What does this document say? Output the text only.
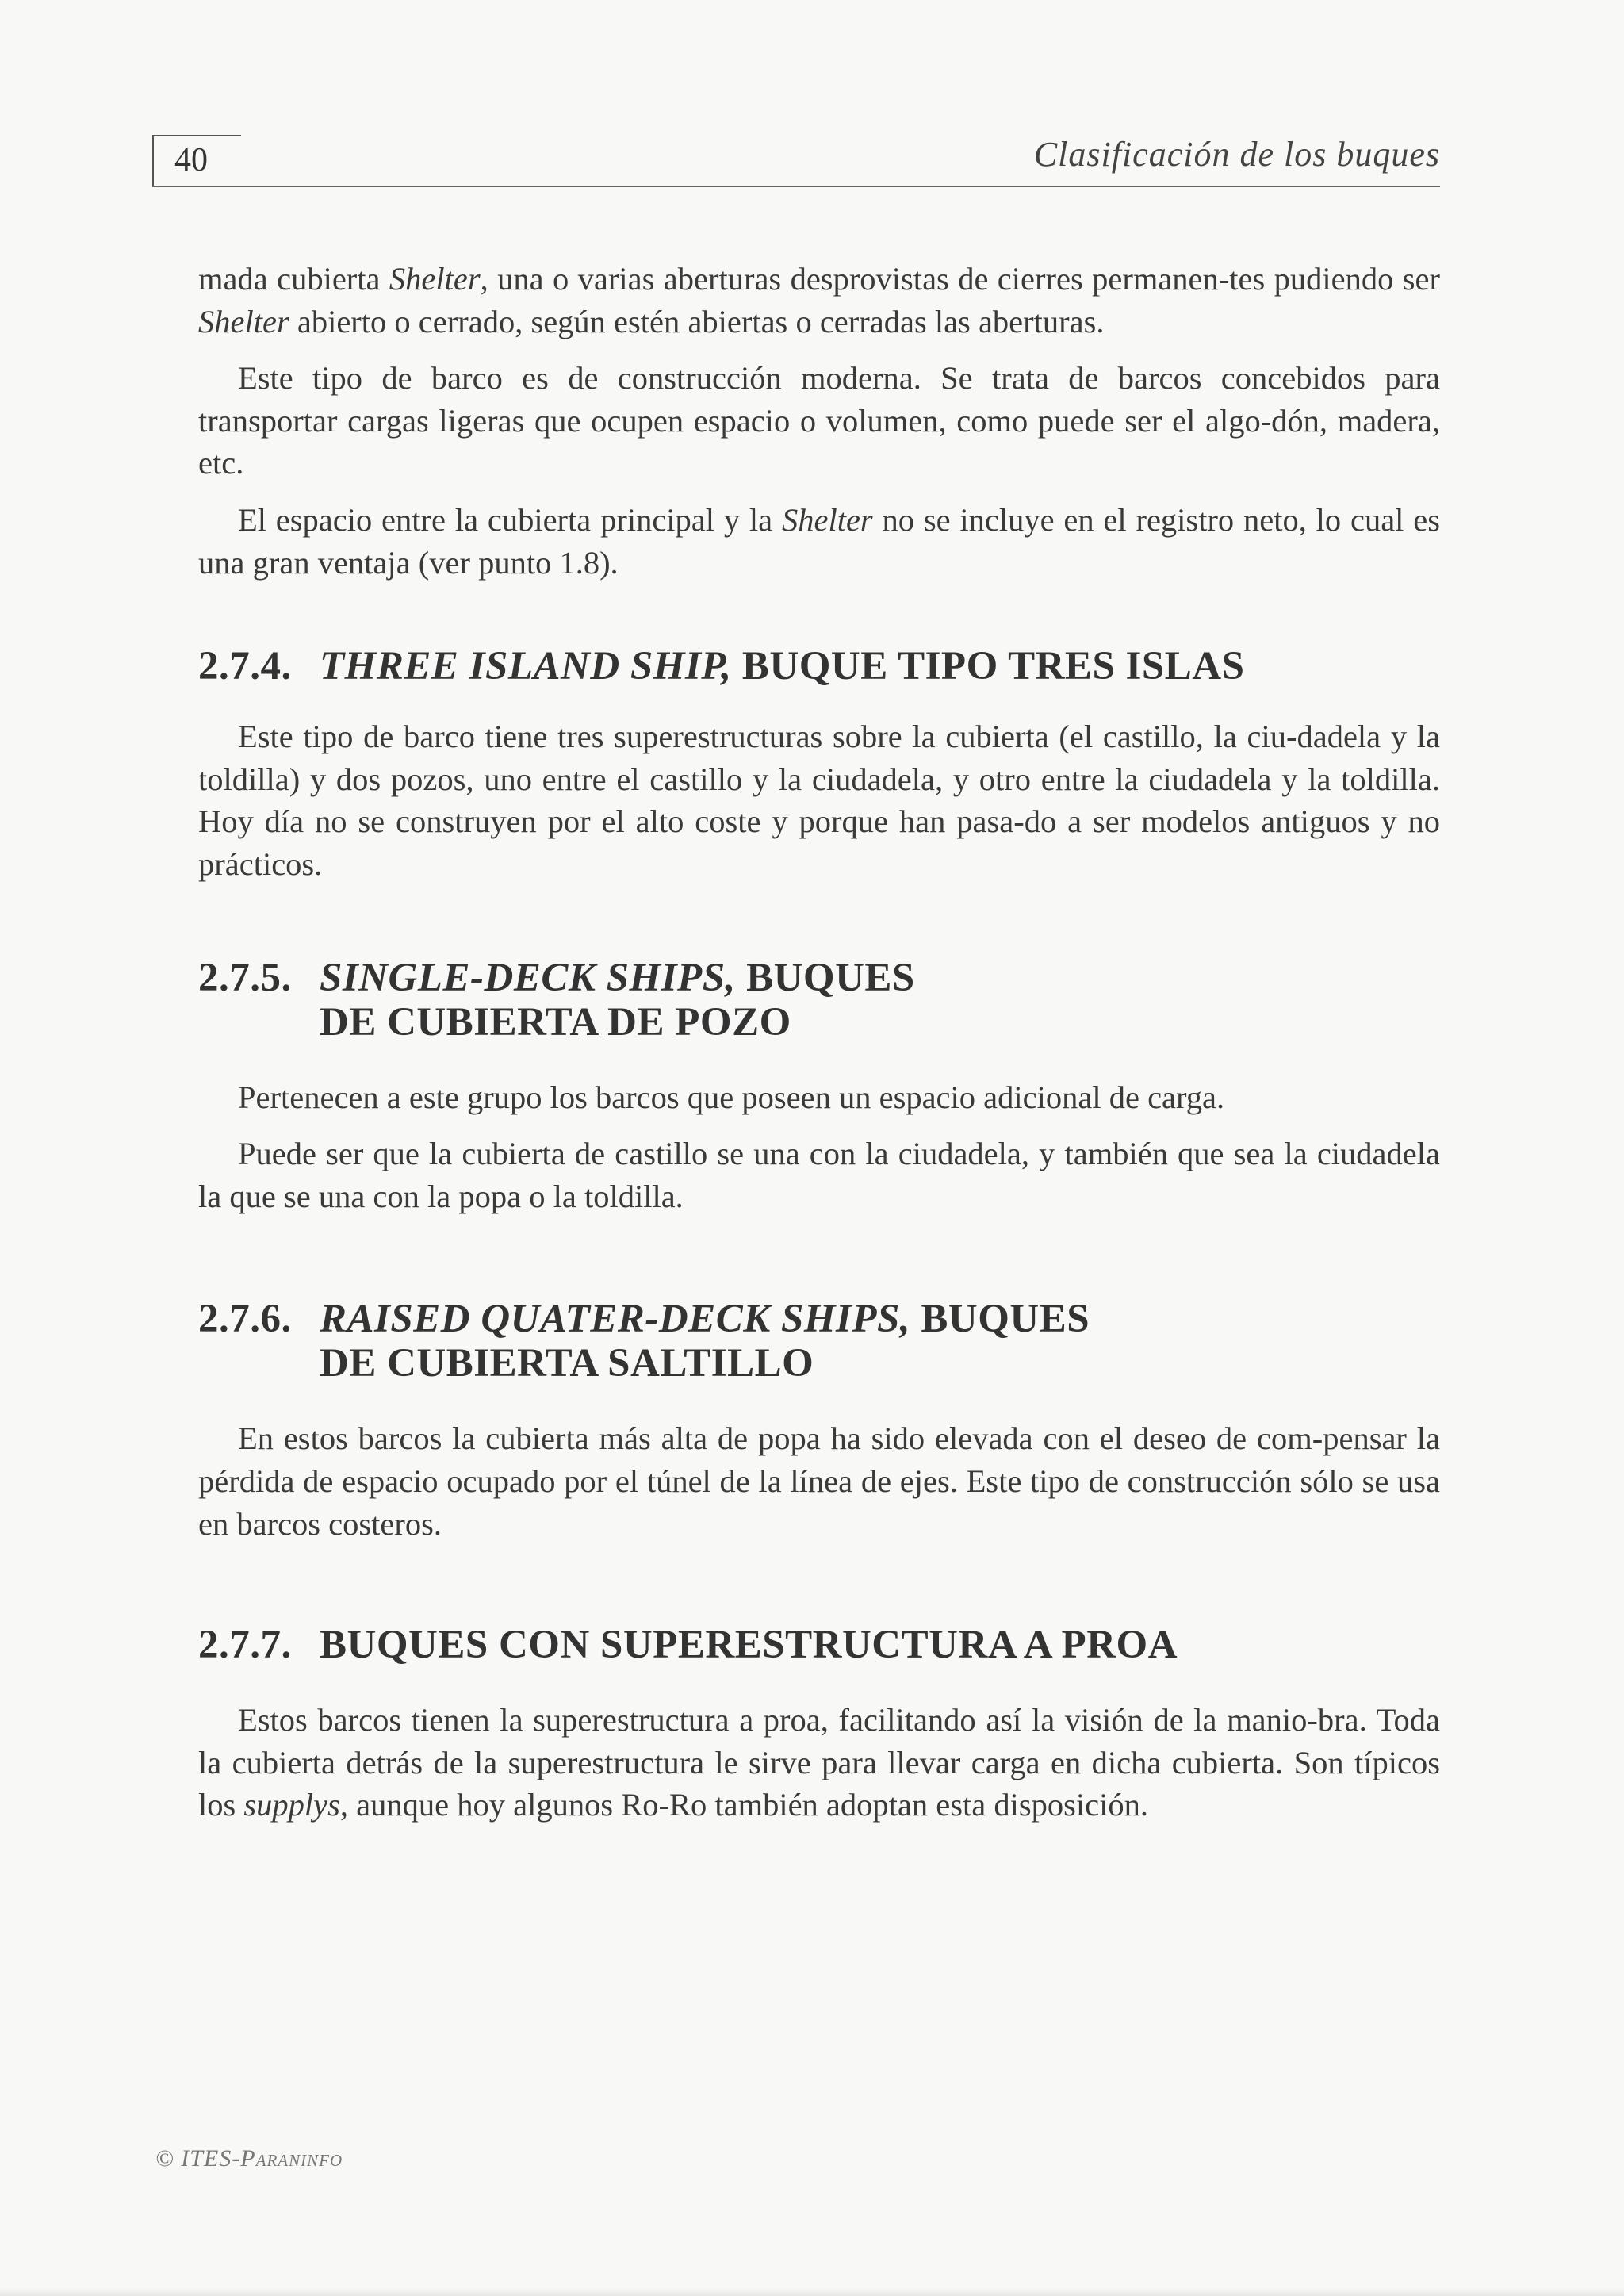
40	Clasificación de los buques

mada cubierta Shelter, una o varias aberturas desprovistas de cierres permanen-tes pudiendo ser Shelter abierto o cerrado, según estén abiertas o cerradas las aberturas.

Este tipo de barco es de construcción moderna. Se trata de barcos concebidos para transportar cargas ligeras que ocupen espacio o volumen, como puede ser el algo-dón, madera, etc.

El espacio entre la cubierta principal y la Shelter no se incluye en el registro neto, lo cual es una gran ventaja (ver punto 1.8).

2.7.4. THREE ISLAND SHIP, BUQUE TIPO TRES ISLAS

Este tipo de barco tiene tres superestructuras sobre la cubierta (el castillo, la ciu-dadela y la toldilla) y dos pozos, uno entre el castillo y la ciudadela, y otro entre la ciudadela y la toldilla. Hoy día no se construyen por el alto coste y porque han pasa-do a ser modelos antiguos y no prácticos.

2.7.5. SINGLE-DECK SHIPS, BUQUES
DE CUBIERTA DE POZO

Pertenecen a este grupo los barcos que poseen un espacio adicional de carga.

Puede ser que la cubierta de castillo se una con la ciudadela, y también que sea la ciudadela la que se una con la popa o la toldilla.

2.7.6. RAISED QUATER-DECK SHIPS, BUQUES
DE CUBIERTA SALTILLO

En estos barcos la cubierta más alta de popa ha sido elevada con el deseo de com-pensar la pérdida de espacio ocupado por el túnel de la línea de ejes. Este tipo de construcción sólo se usa en barcos costeros.

2.7.7. BUQUES CON SUPERESTRUCTURA A PROA

Estos barcos tienen la superestructura a proa, facilitando así la visión de la manio-bra. Toda la cubierta detrás de la superestructura le sirve para llevar carga en dicha cubierta. Son típicos los supplys, aunque hoy algunos Ro-Ro también adoptan esta disposición.

© ITES-Paraninfo
